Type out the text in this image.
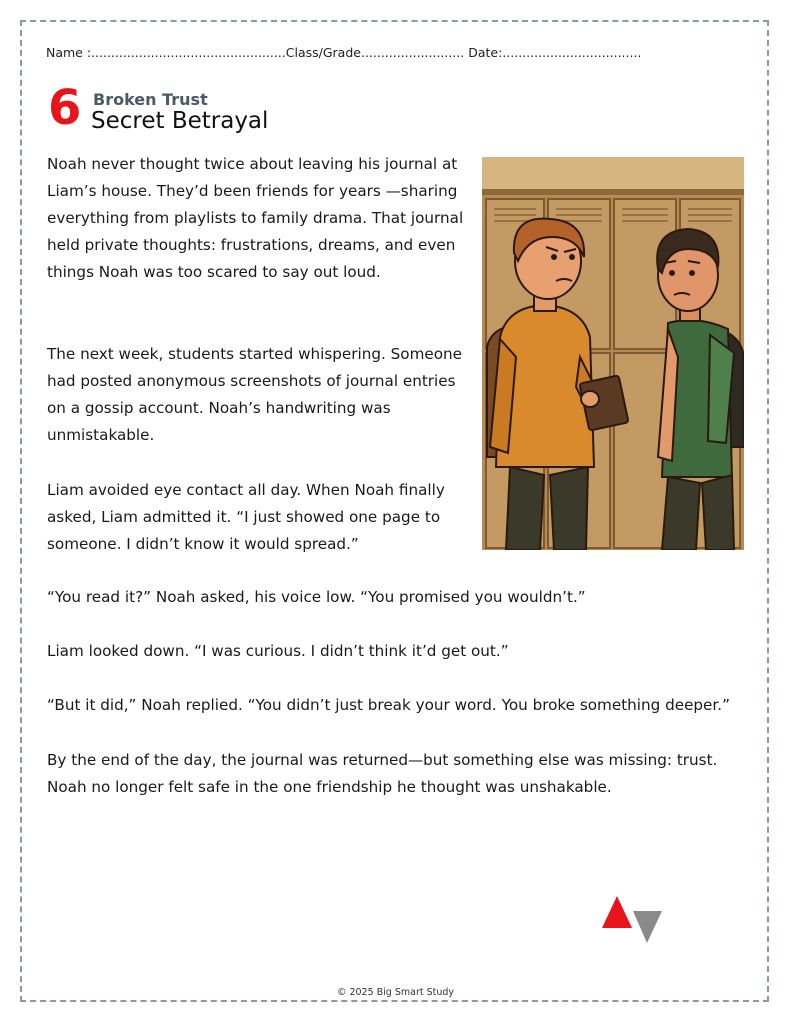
Name :.................................................Class/Grade.......................... Date:...................................
6 Broken Trust
Secret Betrayal

Noah never thought twice about leaving his journal at Liam’s house. They’d been friends for years —sharing everything from playlists to family drama. That journal held private thoughts: frustrations, dreams, and even things Noah was too scared to say out loud.

The next week, students started whispering. Someone had posted anonymous screenshots of journal entries on a gossip account. Noah’s handwriting was unmistakable.

Liam avoided eye contact all day. When Noah finally asked, Liam admitted it. “I just showed one page to someone. I didn’t know it would spread.”

“You read it?” Noah asked, his voice low. “You promised you wouldn’t.”

Liam looked down. “I was curious. I didn’t think it’d get out.”

“But it did,” Noah replied. “You didn’t just break your word. You broke something deeper.”

By the end of the day, the journal was returned—but something else was missing: trust. Noah no longer felt safe in the one friendship he thought was unshakable.

© 2025 Big Smart Study
